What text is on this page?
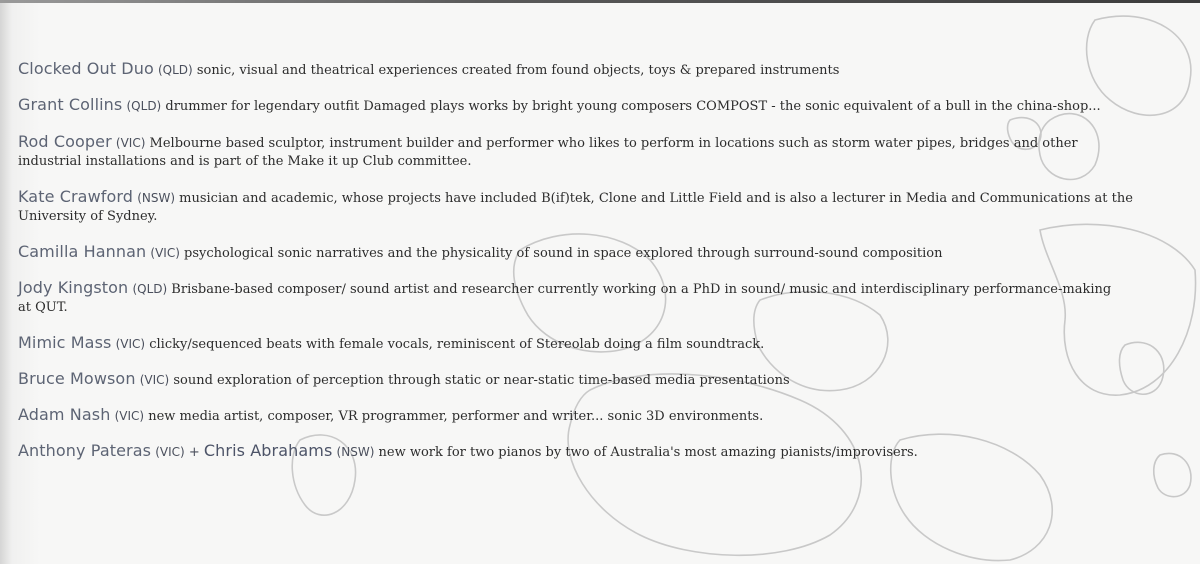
Clocked Out Duo (QLD) sonic, visual and theatrical experiences created from found objects, toys & prepared instruments

Grant Collins (QLD) drummer for legendary outfit Damaged plays works by bright young composers COMPOST - the sonic equivalent of a bull in the china-shop...

Rod Cooper (VIC) Melbourne based sculptor, instrument builder and performer who likes to perform in locations such as storm water pipes, bridges and other industrial installations and is part of the Make it up Club committee.

Kate Crawford (NSW) musician and academic, whose projects have included B(if)tek, Clone and Little Field and is also a lecturer in Media and Communications at the University of Sydney.

Camilla Hannan (VIC) psychological sonic narratives and the physicality of sound in space explored through surround-sound composition

Jody Kingston (QLD) Brisbane-based composer/ sound artist and researcher currently working on a PhD in sound/ music and interdisciplinary performance-making at QUT.

Mimic Mass (VIC) clicky/sequenced beats with female vocals, reminiscent of Stereolab doing a film soundtrack.

Bruce Mowson (VIC) sound exploration of perception through static or near-static time-based media presentations

Adam Nash (VIC) new media artist, composer, VR programmer, performer and writer... sonic 3D environments.

Anthony Pateras (VIC) + Chris Abrahams (NSW) new work for two pianos by two of Australia's most amazing pianists/improvisers.
